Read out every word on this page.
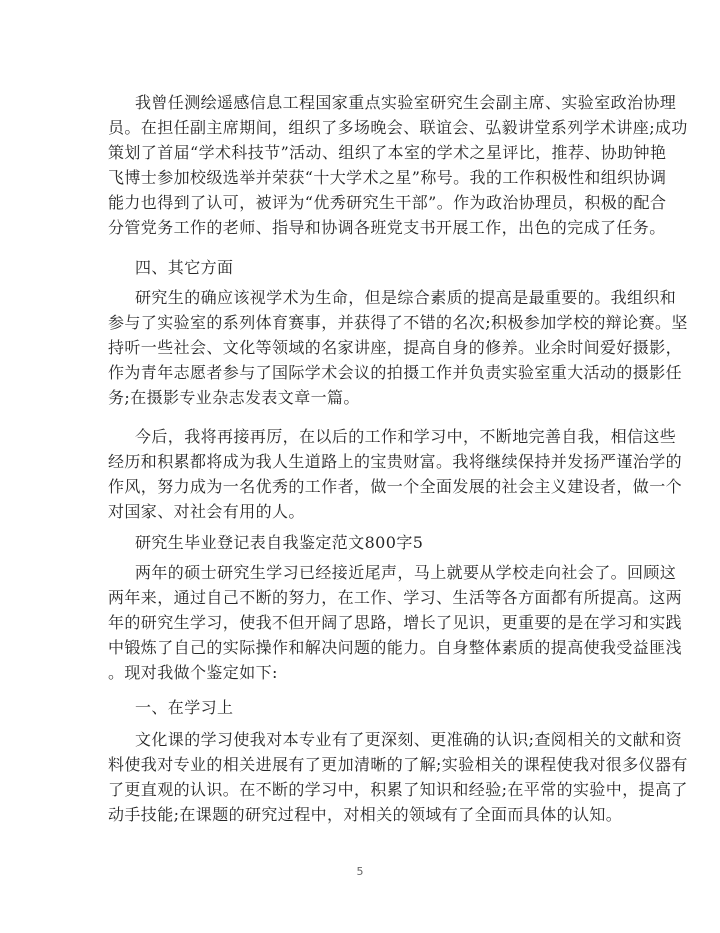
我曾任测绘遥感信息工程国家重点实验室研究生会副主席、实验室政治协理
员。在担任副主席期间，组织了多场晚会、联谊会、弘毅讲堂系列学术讲座;成功
策划了首届“学术科技节”活动、组织了本室的学术之星评比，推荐、协助钟艳
飞博士参加校级选举并荣获“十大学术之星”称号。我的工作积极性和组织协调
能力也得到了认可，被评为“优秀研究生干部”。作为政治协理员，积极的配合
分管党务工作的老师、指导和协调各班党支书开展工作，出色的完成了任务。
四、其它方面
研究生的确应该视学术为生命，但是综合素质的提高是最重要的。我组织和
参与了实验室的系列体育赛事，并获得了不错的名次;积极参加学校的辩论赛。坚
持听一些社会、文化等领域的名家讲座，提高自身的修养。业余时间爱好摄影，
作为青年志愿者参与了国际学术会议的拍摄工作并负责实验室重大活动的摄影任
务;在摄影专业杂志发表文章一篇。
今后，我将再接再厉，在以后的工作和学习中，不断地完善自我，相信这些
经历和积累都将成为我人生道路上的宝贵财富。我将继续保持并发扬严谨治学的
作风，努力成为一名优秀的工作者，做一个全面发展的社会主义建设者，做一个
对国家、对社会有用的人。
研究生毕业登记表自我鉴定范文800字5
两年的硕士研究生学习已经接近尾声，马上就要从学校走向社会了。回顾这
两年来，通过自己不断的努力，在工作、学习、生活等各方面都有所提高。这两
年的研究生学习，使我不但开阔了思路，增长了见识，更重要的是在学习和实践
中锻炼了自己的实际操作和解决问题的能力。自身整体素质的提高使我受益匪浅
。现对我做个鉴定如下:
一、在学习上
文化课的学习使我对本专业有了更深刻、更准确的认识;查阅相关的文献和资
料使我对专业的相关进展有了更加清晰的了解;实验相关的课程使我对很多仪器有
了更直观的认识。在不断的学习中，积累了知识和经验;在平常的实验中，提高了
动手技能;在课题的研究过程中，对相关的领域有了全面而具体的认知。
5
